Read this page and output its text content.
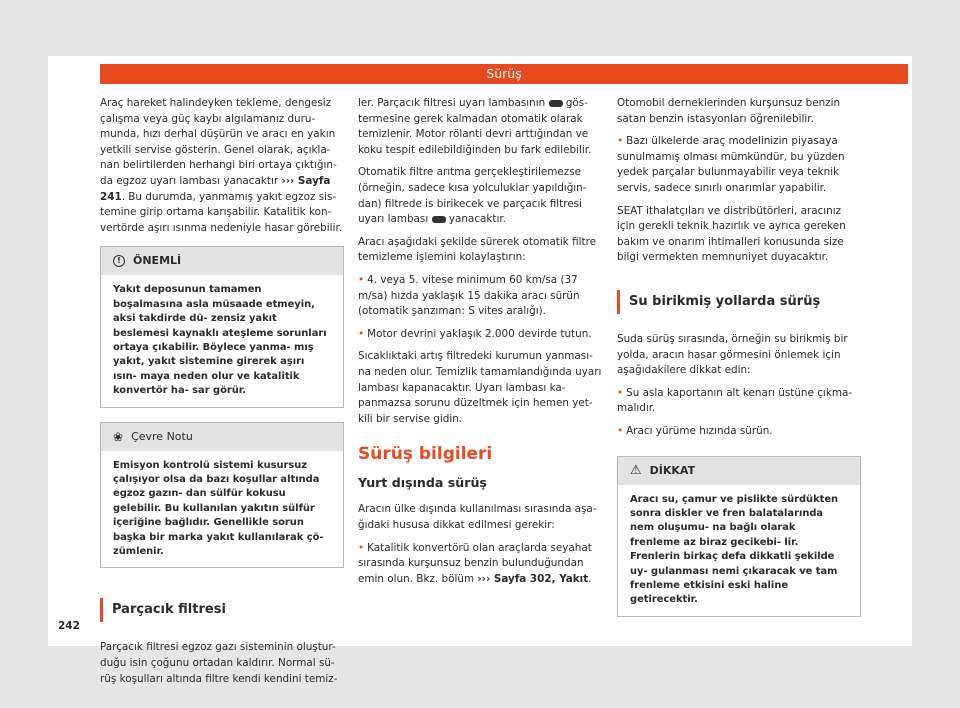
Sürüş

Araç hareket halindeyken tekleme, dengesiz çalışma veya güç kaybı algılamanız duru- munda, hızı derhal düşürün ve aracı en yakın yetkili servise gösterin. Genel olarak, açıkla- nan belirtilerden herhangi biri ortaya çıktığın- da egzoz uyarı lambası yanacaktır ››› Sayfa 241. Bu durumda, yanmamış yakıt egzoz sis- temine girip ortama karışabilir. Katalitik kon- vertörde aşırı ısınma nedeniyle hasar görebilir.

!	ÖNEMLİ
Yakıt deposunun tamamen boşalmasına asla müsaade etmeyin, aksi takdirde dü- zensiz yakıt beslemesi kaynaklı ateşleme sorunları ortaya çıkabilir. Böylece yanma- mış yakıt, yakıt sistemine girerek aşırı ısın- maya neden olur ve katalitik konvertör ha- sar görür.
❀ Çevre Notu
Emisyon kontrolü sistemi kusursuz çalışıyor olsa da bazı koşullar altında egzoz gazın- dan sülfür kokusu gelebilir. Bu kullanılan yakıtın sülfür içeriğine bağlıdır. Genellikle sorun başka bir marka yakıt kullanılarak çö- zümlenir.
Parçacık filtresi

Parçacık filtresi egzoz gazı sisteminin oluştur- duğu isin çoğunu ortadan kaldırır. Normal sü- rüş koşulları altında filtre kendi kendini temiz-

ler. Parçacık filtresi uyarı lambasının  gös- termesine gerek kalmadan otomatik olarak temizlenir. Motor rölanti devri arttığından ve koku tespit edilebildiğinden bu fark edilebilir.

Otomatik filtre arıtma gerçekleştirilemezse (örneğin, sadece kısa yolculuklar yapıldığın- dan) filtrede is birikecek ve parçacık filtresi uyarı lambası  yanacaktır.

Aracı aşağıdaki şekilde sürerek otomatik filtre temizleme işlemini kolaylaştırın:

• 4. veya 5. vitese minimum 60 km/sa (37 m/sa) hızda yaklaşık 15 dakika aracı sürün (otomatik şanzıman: S vites aralığı).

• Motor devrini yaklaşık 2.000 devirde tutun.

Sıcaklıktaki artış filtredeki kurumun yanması- na neden olur. Temizlik tamamlandığında uyarı lambası kapanacaktır. Uyarı lambası ka- panmazsa sorunu düzeltmek için hemen yet- kili bir servise gidin.

Sürüş bilgileri
Yurt dışında sürüş

Aracın ülke dışında kullanılması sırasında aşa- ğıdaki hususa dikkat edilmesi gerekir:

• Katalitik konvertörü olan araçlarda seyahat sırasında kurşunsuz benzin bulunduğundan emin olun. Bkz. bölüm ››› Sayfa 302, Yakıt.

Otomobil derneklerinden kurşunsuz benzin satan benzin istasyonları öğrenilebilir.

• Bazı ülkelerde araç modelinizin piyasaya sunulmamış olması mümkündür, bu yüzden yedek parçalar bulunmayabilir veya teknik servis, sadece sınırlı onarımlar yapabilir.

SEAT ithalatçıları ve distribütörleri, aracınız için gerekli teknik hazırlık ve ayrıca gereken bakım ve onarım ihtimalleri konusunda size bilgi vermekten memnuniyet duyacaktır.

Su birikmiş yollarda sürüş

Suda sürüş sırasında, örneğin su birikmiş bir yolda, aracın hasar görmesini önlemek için aşağıdakilere dikkat edin:

• Su asla kaportanın alt kenarı üstüne çıkma- malıdır.

• Aracı yürüme hızında sürün.

⚠ DİKKAT
Aracı su, çamur ve pislikte sürdükten sonra diskler ve fren balatalarında nem oluşumu- na bağlı olarak frenleme az biraz gecikebi- lir. Frenlerin birkaç defa dikkatli şekilde uy- gulanması nemi çıkaracak ve tam frenleme etkisini eski haline getirecektir.
242
